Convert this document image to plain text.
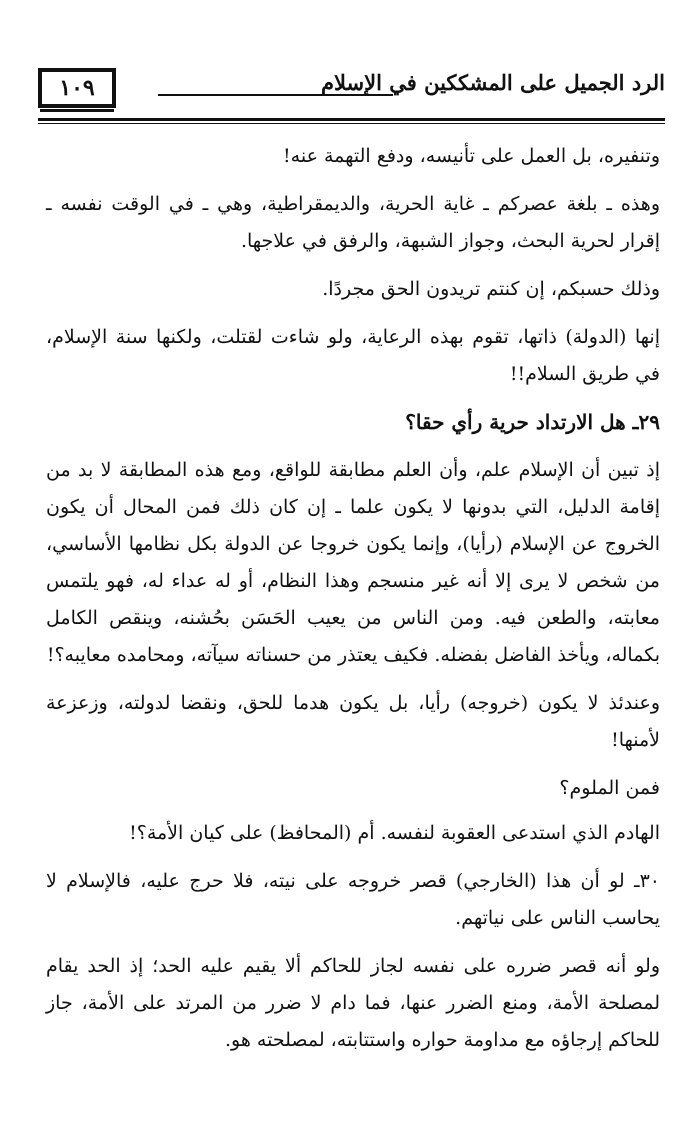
١٠٩	الرد الجميل على المشككين في الإسلام

وتنفيره، بل العمل على تأنيسه، ودفع التهمة عنه!

وهذه ـ بلغة عصركم ـ غاية الحرية، والديمقراطية، وهي ـ في الوقت نفسه ـ إقرار لحرية البحث، وجواز الشبهة، والرفق في علاجها.

وذلك حسبكم، إن كنتم تريدون الحق مجردًا.

إنها (الدولة) ذاتها، تقوم بهذه الرعاية، ولو شاءت لقتلت، ولكنها سنة الإسلام، في طريق السلام!!

٢٩ـ هل الارتداد حرية رأي حقا؟

إذ تبين أن الإسلام علم، وأن العلم مطابقة للواقع، ومع هذه المطابقة لا بد من إقامة الدليل، التي بدونها لا يكون علما ـ إن كان ذلك فمن المحال أن يكون الخروج عن الإسلام (رأيا)، وإنما يكون خروجا عن الدولة بكل نظامها الأساسي، من شخص لا يرى إلا أنه غير منسجم وهذا النظام، أو له عداء له، فهو يلتمس معابته، والطعن فيه. ومن الناس من يعيب الحَسَن بحُشنه، وينقص الكامل بكماله، ويأخذ الفاضل بفضله. فكيف يعتذر من حسناته سيآته، ومحامده معايبه؟!

وعندئذ لا يكون (خروجه) رأيا، بل يكون هدما للحق، ونقضا لدولته، وزعزعة لأمنها!

فمن الملوم؟

الهادم الذي استدعى العقوبة لنفسه. أم (المحافظ) على كيان الأمة؟!

٣٠ـ لو أن هذا (الخارجي) قصر خروجه على نيته، فلا حرج عليه، فالإسلام لا يحاسب الناس على نياتهم.

ولو أنه قصر ضرره على نفسه لجاز للحاكم ألا يقيم عليه الحد؛ إذ الحد يقام لمصلحة الأمة، ومنع الضرر عنها، فما دام لا ضرر من المرتد على الأمة، جاز للحاكم إرجاؤه مع مداومة حواره واستتابته، لمصلحته هو.
